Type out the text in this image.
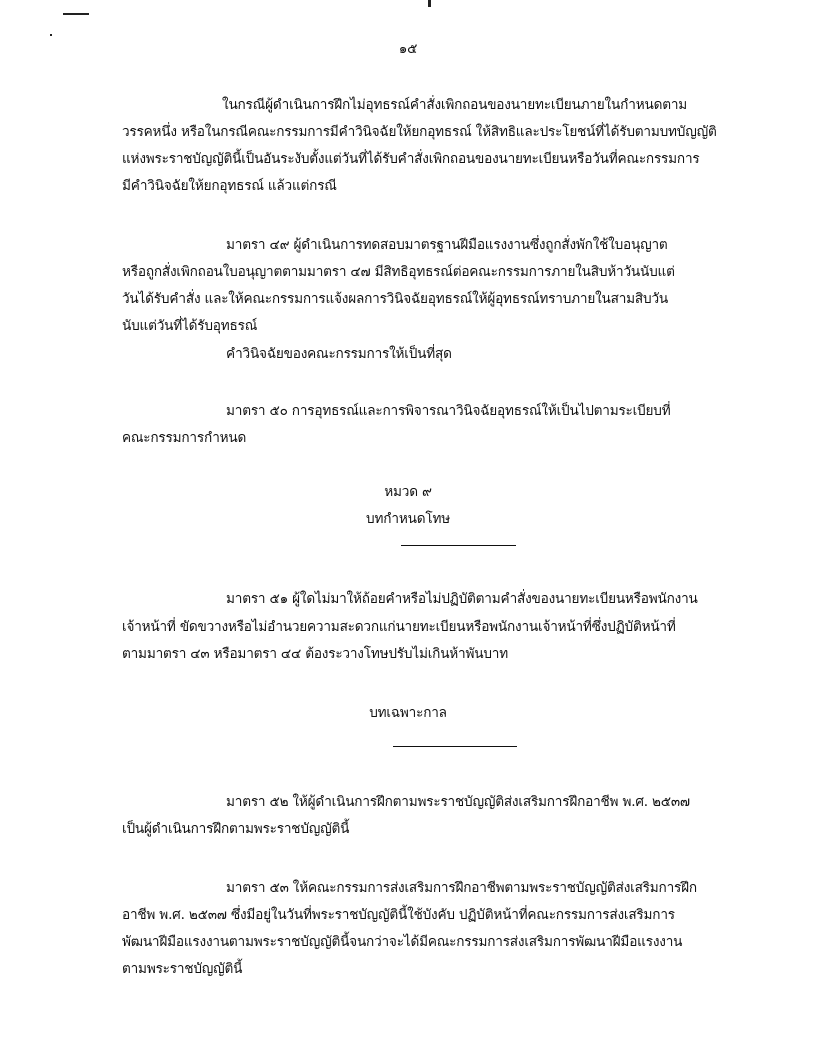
๑๕
ในกรณีผู้ดำเนินการฝึกไม่อุทธรณ์คำสั่งเพิกถอนของนายทะเบียนภายในกำหนดตาม
วรรคหนึ่ง หรือในกรณีคณะกรรมการมีคำวินิจฉัยให้ยกอุทธรณ์ ให้สิทธิและประโยชน์ที่ได้รับตามบทบัญญัติ
แห่งพระราชบัญญัตินี้เป็นอันระงับตั้งแต่วันที่ได้รับคำสั่งเพิกถอนของนายทะเบียนหรือวันที่คณะกรรมการ
มีคำวินิจฉัยให้ยกอุทธรณ์ แล้วแต่กรณี
มาตรา ๔๙ ผู้ดำเนินการทดสอบมาตรฐานฝีมือแรงงานซึ่งถูกสั่งพักใช้ใบอนุญาต
หรือถูกสั่งเพิกถอนใบอนุญาตตามมาตรา ๔๗ มีสิทธิอุทธรณ์ต่อคณะกรรมการภายในสิบห้าวันนับแต่
วันได้รับคำสั่ง และให้คณะกรรมการแจ้งผลการวินิจฉัยอุทธรณ์ให้ผู้อุทธรณ์ทราบภายในสามสิบวัน
นับแต่วันที่ได้รับอุทธรณ์
คำวินิจฉัยของคณะกรรมการให้เป็นที่สุด
มาตรา ๕๐ การอุทธรณ์และการพิจารณาวินิจฉัยอุทธรณ์ให้เป็นไปตามระเบียบที่
คณะกรรมการกำหนด
หมวด ๙
บทกำหนดโทษ
มาตรา ๕๑ ผู้ใดไม่มาให้ถ้อยคำหรือไม่ปฏิบัติตามคำสั่งของนายทะเบียนหรือพนักงาน
เจ้าหน้าที่ ขัดขวางหรือไม่อำนวยความสะดวกแก่นายทะเบียนหรือพนักงานเจ้าหน้าที่ซึ่งปฏิบัติหน้าที่
ตามมาตรา ๔๓ หรือมาตรา ๔๔ ต้องระวางโทษปรับไม่เกินห้าพันบาท
บทเฉพาะกาล
มาตรา ๕๒ ให้ผู้ดำเนินการฝึกตามพระราชบัญญัติส่งเสริมการฝึกอาชีพ พ.ศ. ๒๕๓๗
เป็นผู้ดำเนินการฝึกตามพระราชบัญญัตินี้
มาตรา ๕๓ ให้คณะกรรมการส่งเสริมการฝึกอาชีพตามพระราชบัญญัติส่งเสริมการฝึก
อาชีพ พ.ศ. ๒๕๓๗ ซึ่งมีอยู่ในวันที่พระราชบัญญัตินี้ใช้บังคับ ปฏิบัติหน้าที่คณะกรรมการส่งเสริมการ
พัฒนาฝีมือแรงงานตามพระราชบัญญัตินี้จนกว่าจะได้มีคณะกรรมการส่งเสริมการพัฒนาฝีมือแรงงาน
ตามพระราชบัญญัตินี้
